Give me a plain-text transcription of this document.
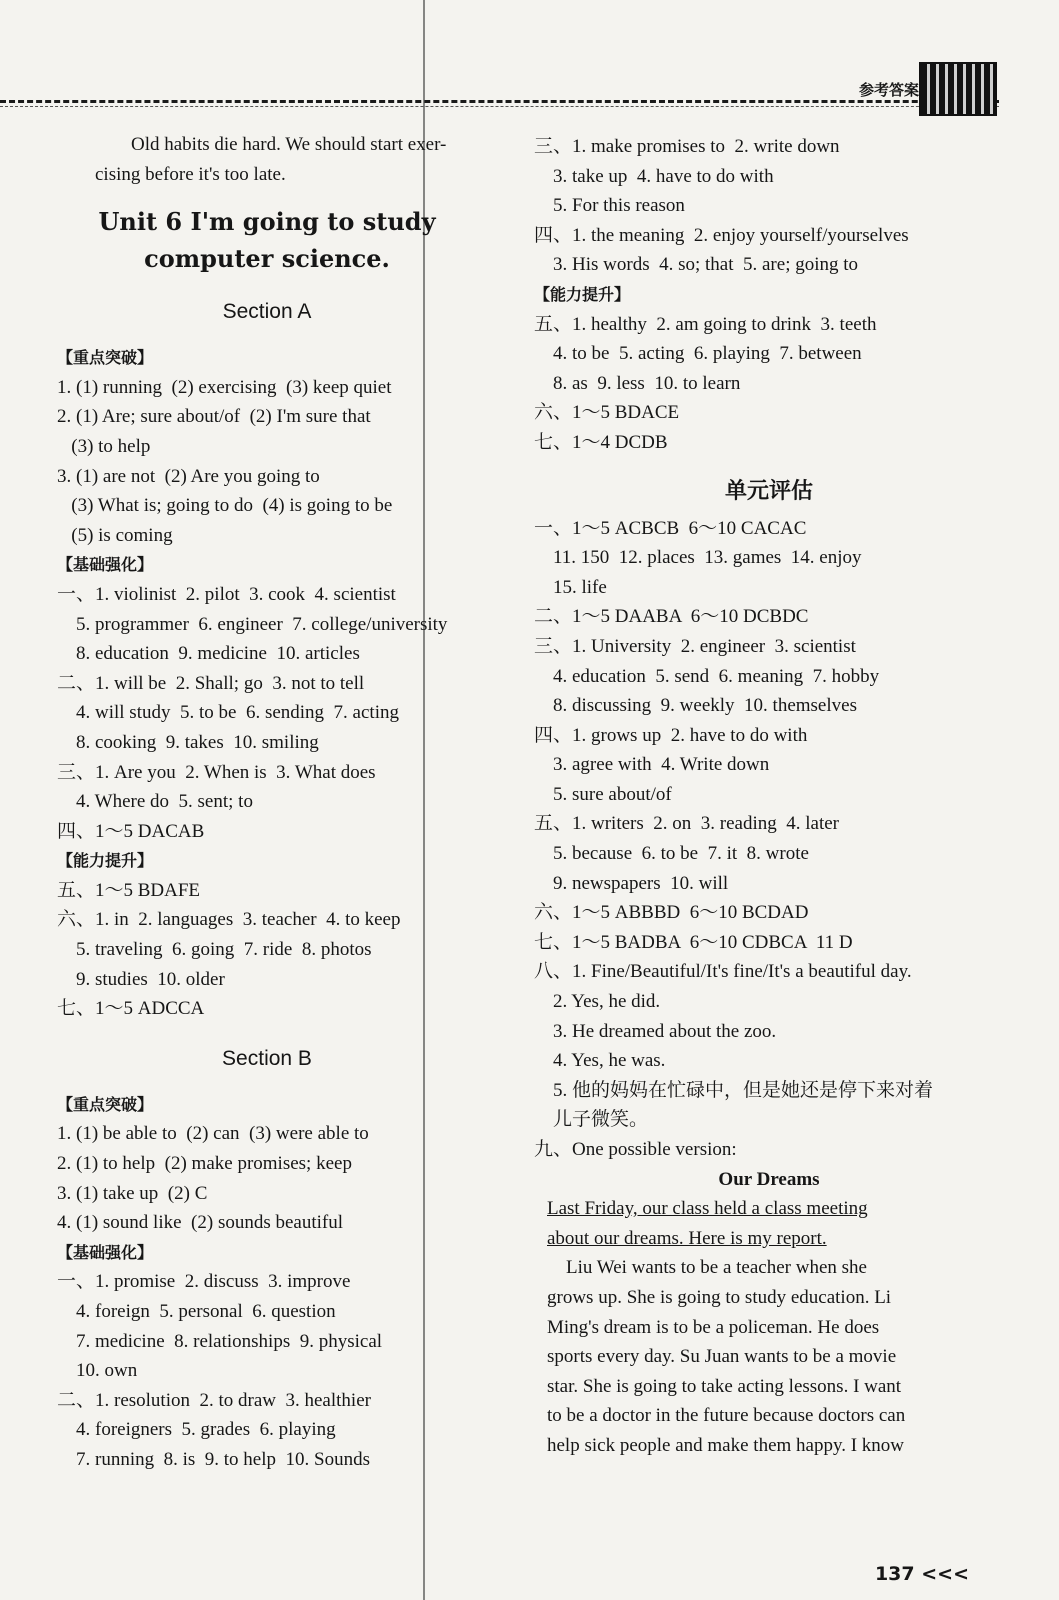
参考答案
Old habits die hard. We should start exer-
cising before it's too late.
Unit 6 I'm going to study
computer science.
Section A
【重点突破】
1. (1) running  (2) exercising  (3) keep quiet
2. (1) Are; sure about/of  (2) I'm sure that
(3) to help
3. (1) are not  (2) Are you going to
(3) What is; going to do  (4) is going to be
(5) is coming
【基础强化】
一、1. violinist  2. pilot  3. cook  4. scientist
5. programmer  6. engineer  7. college/university
8. education  9. medicine  10. articles
二、1. will be  2. Shall; go  3. not to tell
4. will study  5. to be  6. sending  7. acting
8. cooking  9. takes  10. smiling
三、1. Are you  2. When is  3. What does
4. Where do  5. sent; to
四、1～5 DACAB
【能力提升】
五、1～5 BDAFE
六、1. in  2. languages  3. teacher  4. to keep
5. traveling  6. going  7. ride  8. photos
9. studies  10. older
七、1～5 ADCCA
Section B
【重点突破】
1. (1) be able to  (2) can  (3) were able to
2. (1) to help  (2) make promises; keep
3. (1) take up  (2) C
4. (1) sound like  (2) sounds beautiful
【基础强化】
一、1. promise  2. discuss  3. improve
4. foreign  5. personal  6. question
7. medicine  8. relationships  9. physical
10. own
二、1. resolution  2. to draw  3. healthier
4. foreigners  5. grades  6. playing
7. running  8. is  9. to help  10. Sounds
三、1. make promises to  2. write down
3. take up  4. have to do with
5. For this reason
四、1. the meaning  2. enjoy yourself/yourselves
3. His words  4. so; that  5. are; going to
【能力提升】
五、1. healthy  2. am going to drink  3. teeth
4. to be  5. acting  6. playing  7. between
8. as  9. less  10. to learn
六、1～5 BDACE
七、1～4 DCDB
单元评估
一、1～5 ACBCB  6～10 CACAC
11. 150  12. places  13. games  14. enjoy
15. life
二、1～5 DAABA  6～10 DCBDC
三、1. University  2. engineer  3. scientist
4. education  5. send  6. meaning  7. hobby
8. discussing  9. weekly  10. themselves
四、1. grows up  2. have to do with
3. agree with  4. Write down
5. sure about/of
五、1. writers  2. on  3. reading  4. later
5. because  6. to be  7. it  8. wrote
9. newspapers  10. will
六、1～5 ABBBD  6～10 BCDAD
七、1～5 BADBA  6～10 CDBCA  11 D
八、1. Fine/Beautiful/It's fine/It's a beautiful day.
2. Yes, he did.
3. He dreamed about the zoo.
4. Yes, he was.
5. 他的妈妈在忙碌中，但是她还是停下来对着
儿子微笑。
九、One possible version:
Our Dreams
Last Friday, our class held a class meeting
about our dreams. Here is my report.
Liu Wei wants to be a teacher when she
grows up. She is going to study education. Li
Ming's dream is to be a policeman. He does
sports every day. Su Juan wants to be a movie
star. She is going to take acting lessons. I want
to be a doctor in the future because doctors can
help sick people and make them happy. I know
137 <<<
